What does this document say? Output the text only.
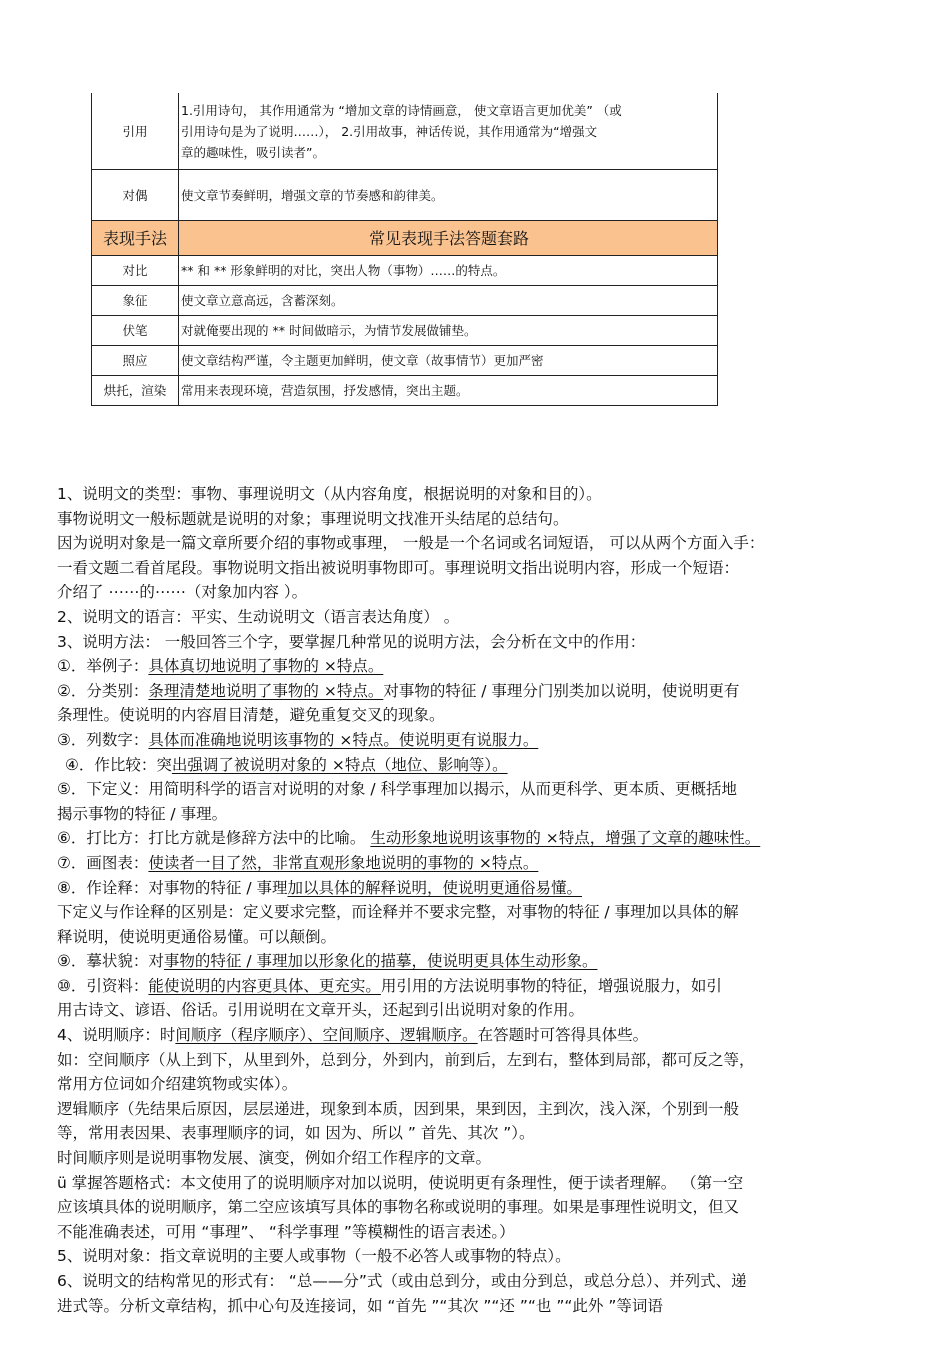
引用	1.引用诗句， 其作用通常为 “增加文章的诗情画意， 使文章语言更加优美” （或
引用诗句是为了说明……）， 2.引用故事，神话传说，其作用通常为“增强文
章的趣味性，吸引读者”。

对偶	使文章节奏鲜明，增强文章的节奏感和韵律美。
表现手法	常见表现手法答题套路
对比	** 和 ** 形象鲜明的对比，突出人物（事物）……的特点。
象征	使文章立意高远，含蓄深刻。
伏笔	对就俺要出现的 ** 时间做暗示，为情节发展做铺垫。
照应	使文章结构严谨，令主题更加鲜明，使文章（故事情节）更加严密
烘托，渲染	常用来表现环境，营造氛围，抒发感情，突出主题。
1、说明文的类型：事物、事理说明文（从内容角度，根据说明的对象和目的）。
事物说明文一般标题就是说明的对象；事理说明文找准开头结尾的总结句。
因为说明对象是一篇文章所要介绍的事物或事理， 一般是一个名词或名词短语， 可以从两个方面入手：
一看文题二看首尾段。事物说明文指出被说明事物即可。事理说明文指出说明内容，形成一个短语：
介绍了 ⋯⋯的⋯⋯（对象加内容 ）。
2、说明文的语言：平实、生动说明文（语言表达角度） 。
3、说明方法： 一般回答三个字，要掌握几种常见的说明方法，会分析在文中的作用：
①．举例子：具体真切地说明了事物的 ×特点。
②．分类别：条理清楚地说明了事物的 ×特点。对事物的特征 / 事理分门别类加以说明，使说明更有
条理性。使说明的内容眉目清楚，避免重复交叉的现象。
③．列数字：具体而准确地说明该事物的 ×特点。使说明更有说服力。
④．作比较：突出强调了被说明对象的 ×特点（地位、影响等）。
⑤．下定义：用简明科学的语言对说明的对象 / 科学事理加以揭示，从而更科学、更本质、更概括地
揭示事物的特征 / 事理。
⑥．打比方：打比方就是修辞方法中的比喻。 生动形象地说明该事物的 ×特点，增强了文章的趣味性。
⑦．画图表：使读者一目了然，非常直观形象地说明的事物的 ×特点。
⑧．作诠释：对事物的特征 / 事理加以具体的解释说明，使说明更通俗易懂。
下定义与作诠释的区别是：定义要求完整，而诠释并不要求完整，对事物的特征 / 事理加以具体的解
释说明，使说明更通俗易懂。可以颠倒。
⑨．摹状貌：对事物的特征 / 事理加以形象化的描摹，使说明更具体生动形象。
⑩．引资料：能使说明的内容更具体、更充实。用引用的方法说明事物的特征，增强说服力，如引
用古诗文、谚语、俗话。引用说明在文章开头，还起到引出说明对象的作用。
4、说明顺序：时间顺序（程序顺序）、空间顺序、逻辑顺序。在答题时可答得具体些。
如：空间顺序（从上到下，从里到外，总到分，外到内，前到后，左到右，整体到局部，都可反之等，
常用方位词如介绍建筑物或实体）。
逻辑顺序（先结果后原因，层层递进，现象到本质，因到果，果到因，主到次，浅入深，个别到一般
等，常用表因果、表事理顺序的词，如 因为、所以 ” 首先、其次 ”）。
时间顺序则是说明事物发展、演变，例如介绍工作程序的文章。
ü 掌握答题格式：本文使用了的说明顺序对加以说明，使说明更有条理性，便于读者理解。 （第一空
应该填具体的说明顺序，第二空应该填写具体的事物名称或说明的事理。如果是事理性说明文，但又
不能准确表述，可用 “事理”、 “科学事理 ”等模糊性的语言表述。）
5、说明对象：指文章说明的主要人或事物（一般不必答人或事物的特点）。
6、说明文的结构常见的形式有： “总——分”式（或由总到分，或由分到总，或总分总）、并列式、递
进式等。分析文章结构，抓中心句及连接词，如 “首先 ”“其次 ”“还 ”“也 ”“此外 ”等词语
